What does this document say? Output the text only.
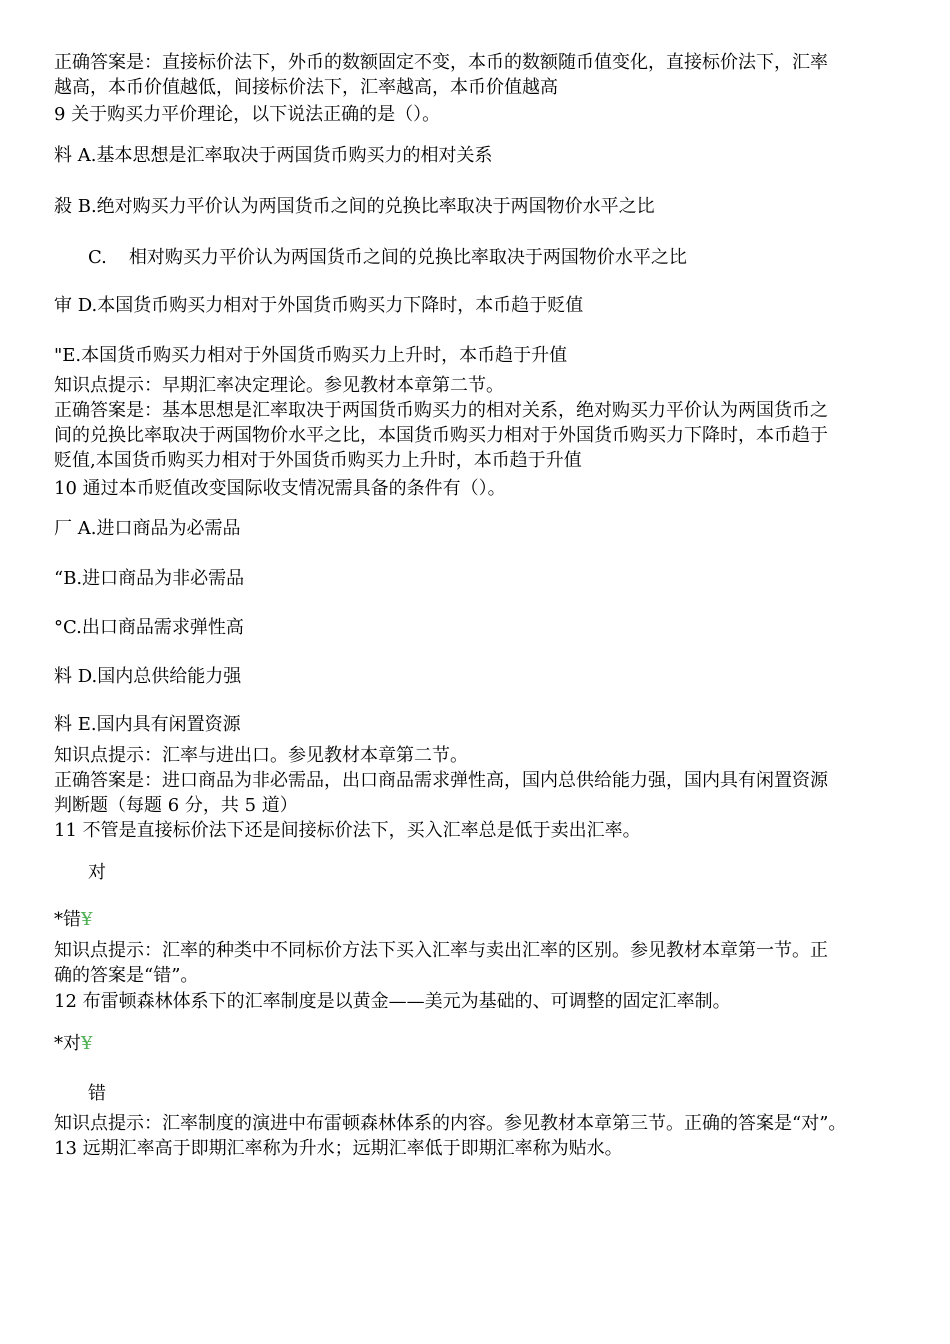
正确答案是：直接标价法下，外币的数额固定不变，本币的数额随币值变化，直接标价法下，汇率
越高，本币价值越低，间接标价法下，汇率越高，本币价值越高
9 关于购买力平价理论，以下说法正确的是（）。
料 A.基本思想是汇率取决于两国货币购买力的相对关系
殺 B.绝对购买力平价认为两国货币之间的兑换比率取决于两国物价水平之比
C. 相对购买力平价认为两国货币之间的兑换比率取决于两国物价水平之比
审 D.本国货币购买力相对于外国货币购买力下降时，本币趋于贬值
"E.本国货币购买力相对于外国货币购买力上升时，本币趋于升值
知识点提示：早期汇率决定理论。参见教材本章第二节。
正确答案是：基本思想是汇率取决于两国货币购买力的相对关系，绝对购买力平价认为两国货币之
间的兑换比率取决于两国物价水平之比，本国货币购买力相对于外国货币购买力下降时，本币趋于
贬值,本国货币购买力相对于外国货币购买力上升时，本币趋于升值
10 通过本币贬值改变国际收支情况需具备的条件有（）。
厂 A.进口商品为必需品
“B.进口商品为非必需品
°C.出口商品需求弹性高
料 D.国内总供给能力强
料 E.国内具有闲置资源
知识点提示：汇率与进出口。参见教材本章第二节。
正确答案是：进口商品为非必需品，出口商品需求弹性高，国内总供给能力强，国内具有闲置资源
判断题（每题 6 分，共 5 道）
11 不管是直接标价法下还是间接标价法下，买入汇率总是低于卖出汇率。
对
*错¥
知识点提示：汇率的种类中不同标价方法下买入汇率与卖出汇率的区别。参见教材本章第一节。正
确的答案是“错”。
12 布雷顿森林体系下的汇率制度是以黄金——美元为基础的、可调整的固定汇率制。
*对¥
错
知识点提示：汇率制度的演进中布雷顿森林体系的内容。参见教材本章第三节。正确的答案是“对”。
13 远期汇率高于即期汇率称为升水；远期汇率低于即期汇率称为贴水。
